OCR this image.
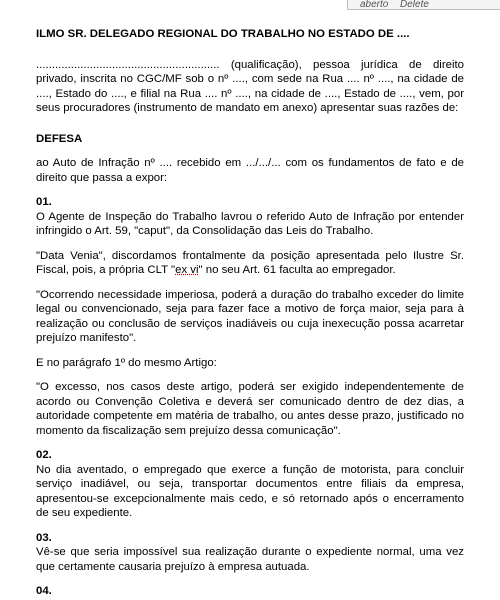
aberto Delete

ILMO SR. DELEGADO REGIONAL DO TRABALHO NO ESTADO DE ....

.......................................................... (qualificação), pessoa jurídica de direito privado, inscrita no CGC/MF sob o nº ...., com sede na Rua .... nº ...., na cidade de ...., Estado do ...., e filial na Rua .... nº ...., na cidade de ...., Estado de ...., vem, por seus procuradores (instrumento de mandato em anexo) apresentar suas razões de:

DEFESA

ao Auto de Infração nº .... recebido em .../.../... com os fundamentos de fato e de direito que passa a expor:

01.

O Agente de Inspeção do Trabalho lavrou o referido Auto de Infração por entender infringido o Art. 59, "caput", da Consolidação das Leis do Trabalho.

"Data Venia", discordamos frontalmente da posição apresentada pelo Ilustre Sr. Fiscal, pois, a própria CLT "ex vi" no seu Art. 61 faculta ao empregador.

"Ocorrendo necessidade imperiosa, poderá a duração do trabalho exceder do limite legal ou convencionado, seja para fazer face a motivo de força maior, seja para à realização ou conclusão de serviços inadiáveis ou cuja inexecução possa acarretar prejuízo manifesto".

E no parágrafo 1º do mesmo Artigo:

"O excesso, nos casos deste artigo, poderá ser exigido independentemente de acordo ou Convenção Coletiva e deverá ser comunicado dentro de dez dias, a autoridade competente em matéria de trabalho, ou antes desse prazo, justificado no momento da fiscalização sem prejuízo dessa comunicação".

02.

No dia aventado, o empregado que exerce a função de motorista, para concluir serviço inadiável, ou seja, transportar documentos entre filiais da empresa, apresentou-se excepcionalmente mais cedo, e só retornado após o encerramento de seu expediente.

03.

Vê-se que seria impossível sua realização durante o expediente normal, uma vez que certamente causaria prejuízo à empresa autuada.

04.
